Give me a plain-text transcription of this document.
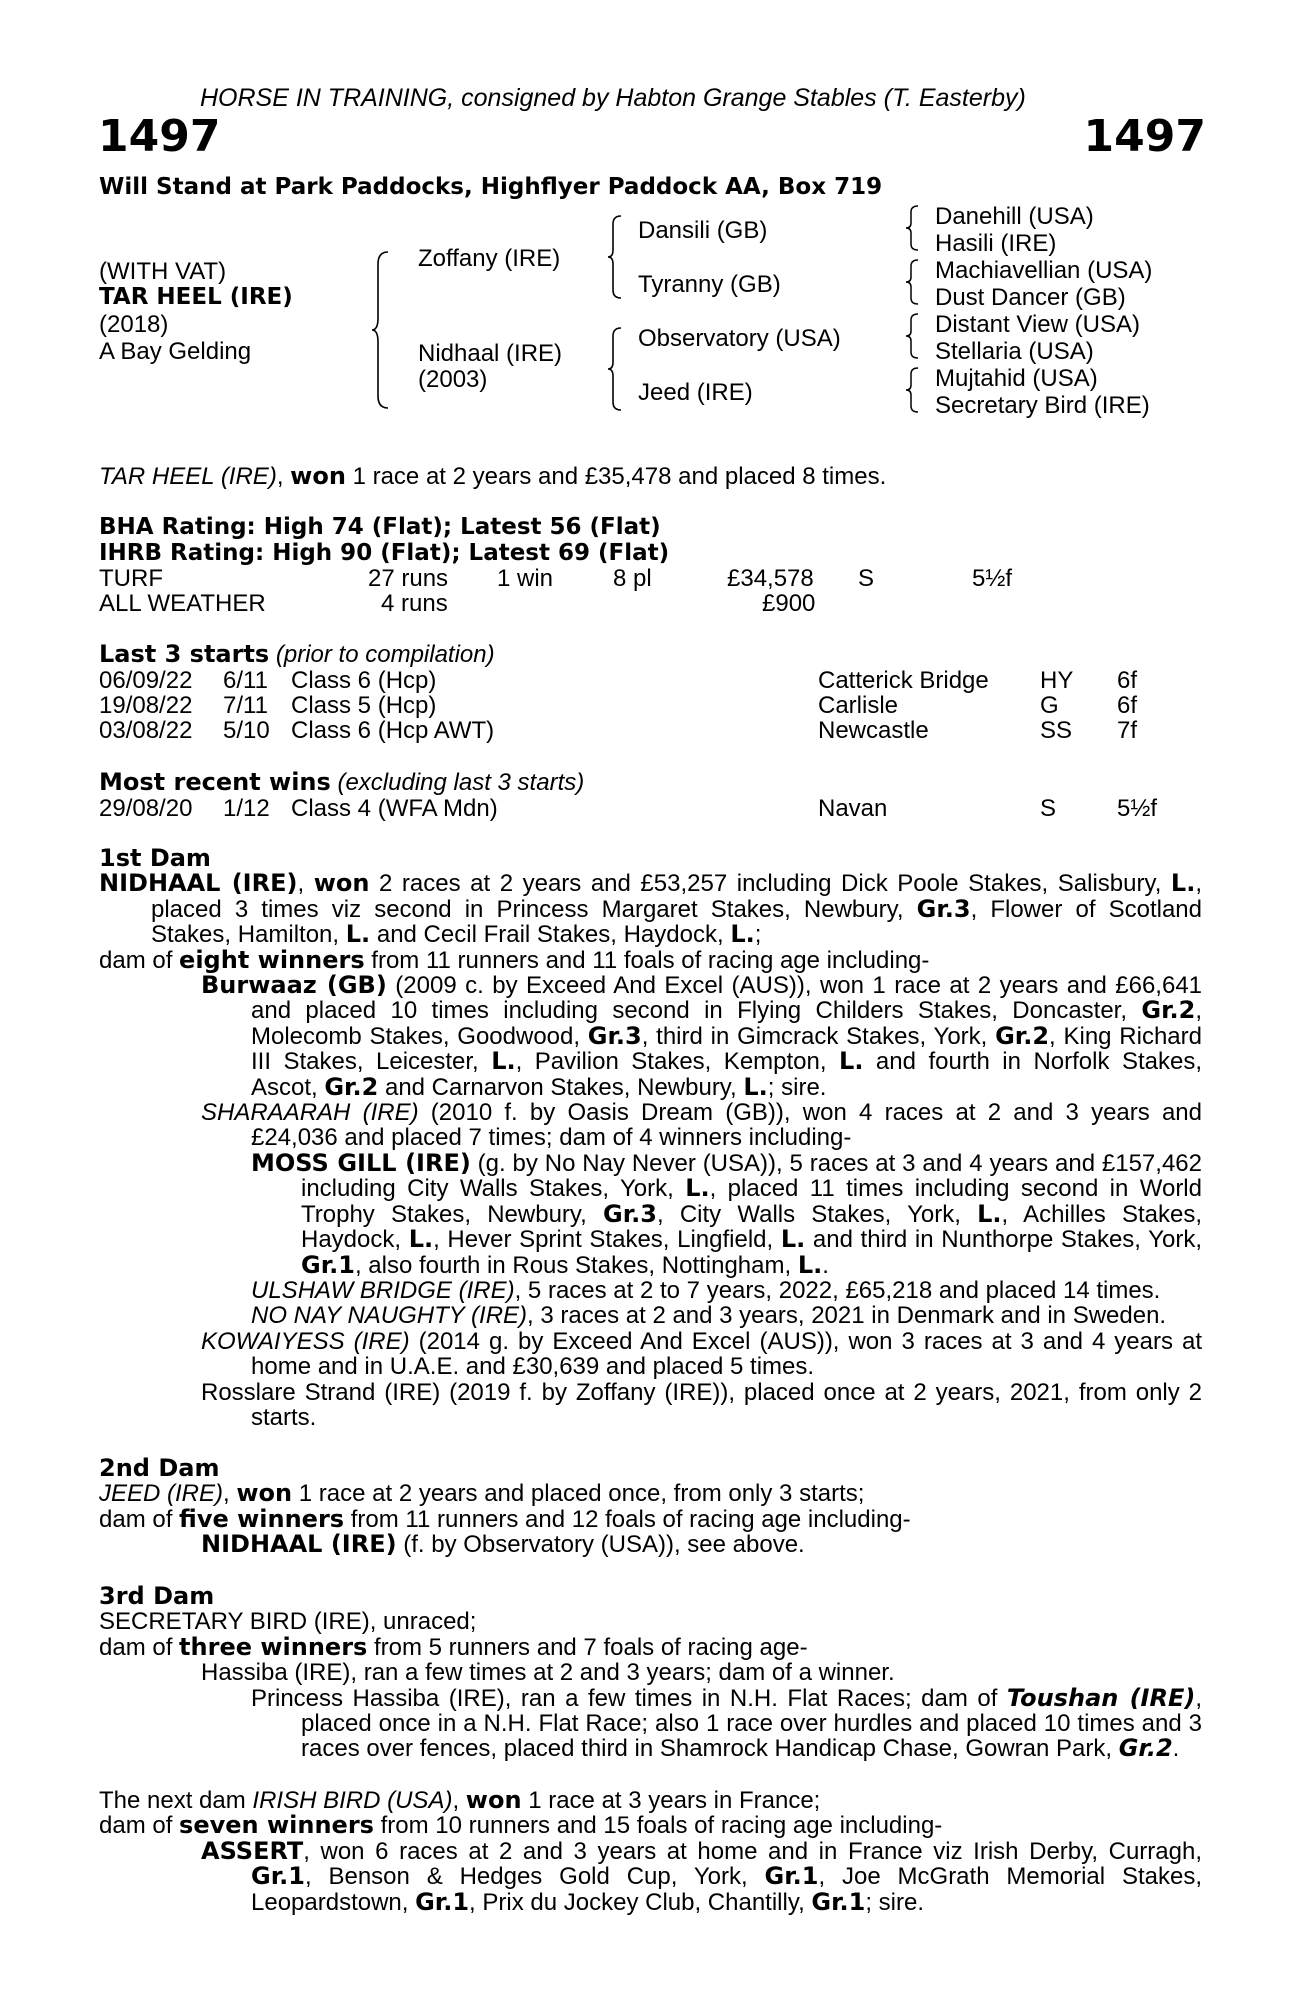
HORSE IN TRAINING, consigned by Habton Grange Stables (T. Easterby)
1497	1497
Will Stand at Park Paddocks, Highflyer Paddock AA, Box 719
(WITH VAT)
TAR HEEL (IRE)
(2018)
A Bay Gelding
Zoffany (IRE)
Nidhaal (IRE)
(2003)
Dansili (GB)
Tyranny (GB)
Observatory (USA)
Jeed (IRE)
Danehill (USA)
Hasili (IRE)
Machiavellian (USA)
Dust Dancer (GB)
Distant View (USA)
Stellaria (USA)
Mujtahid (USA)
Secretary Bird (IRE)
TAR HEEL (IRE), won 1 race at 2 years and £35,478 and placed 8 times.
BHA Rating: High 74 (Flat); Latest 56 (Flat)
IHRB Rating: High 90 (Flat); Latest 69 (Flat)
TURF	27 runs 1 win 8 pl	£34,578 S	5½f
ALL WEATHER	4 runs	£900
Last 3 starts (prior to compilation)
06/09/22 6/11 Class 6 (Hcp)	Catterick Bridge HY 6f
19/08/22 7/11 Class 5 (Hcp)	Carlisle	G 6f
03/08/22 5/10 Class 6 (Hcp AWT)	Newcastle	SS 7f
Most recent wins (excluding last 3 starts)
29/08/20 1/12 Class 4 (WFA Mdn)	Navan	S	5½f

1st Dam

NIDHAAL (IRE), won 2 races at 2 years and £53,257 including Dick Poole Stakes, Salisbury, L., placed 3 times viz second in Princess Margaret Stakes, Newbury, Gr.3, Flower of Scotland Stakes, Hamilton, L. and Cecil Frail Stakes, Haydock, L.;

dam of eight winners from 11 runners and 11 foals of racing age including-

Burwaaz (GB) (2009 c. by Exceed And Excel (AUS)), won 1 race at 2 years and £66,641 and placed 10 times including second in Flying Childers Stakes, Doncaster, Gr.2, Molecomb Stakes, Goodwood, Gr.3, third in Gimcrack Stakes, York, Gr.2, King Richard III Stakes, Leicester, L., Pavilion Stakes, Kempton, L. and fourth in Norfolk Stakes, Ascot, Gr.2 and Carnarvon Stakes, Newbury, L.; sire.

SHARAARAH (IRE) (2010 f. by Oasis Dream (GB)), won 4 races at 2 and 3 years and £24,036 and placed 7 times; dam of 4 winners including-

MOSS GILL (IRE) (g. by No Nay Never (USA)), 5 races at 3 and 4 years and £157,462 including City Walls Stakes, York, L., placed 11 times including second in World Trophy Stakes, Newbury, Gr.3, City Walls Stakes, York, L., Achilles Stakes, Haydock, L., Hever Sprint Stakes, Lingfield, L. and third in Nunthorpe Stakes, York, Gr.1, also fourth in Rous Stakes, Nottingham, L..

ULSHAW BRIDGE (IRE), 5 races at 2 to 7 years, 2022, £65,218 and placed 14 times.

NO NAY NAUGHTY (IRE), 3 races at 2 and 3 years, 2021 in Denmark and in Sweden.

KOWAIYESS (IRE) (2014 g. by Exceed And Excel (AUS)), won 3 races at 3 and 4 years at home and in U.A.E. and £30,639 and placed 5 times.

Rosslare Strand (IRE) (2019 f. by Zoffany (IRE)), placed once at 2 years, 2021, from only 2 starts.

2nd Dam

JEED (IRE), won 1 race at 2 years and placed once, from only 3 starts;

dam of five winners from 11 runners and 12 foals of racing age including-

NIDHAAL (IRE) (f. by Observatory (USA)), see above.

3rd Dam

SECRETARY BIRD (IRE), unraced;

dam of three winners from 5 runners and 7 foals of racing age-

Hassiba (IRE), ran a few times at 2 and 3 years; dam of a winner.

Princess Hassiba (IRE), ran a few times in N.H. Flat Races; dam of Toushan (IRE), placed once in a N.H. Flat Race; also 1 race over hurdles and placed 10 times and 3 races over fences, placed third in Shamrock Handicap Chase, Gowran Park, Gr.2.

The next dam IRISH BIRD (USA), won 1 race at 3 years in France;

dam of seven winners from 10 runners and 15 foals of racing age including-

ASSERT, won 6 races at 2 and 3 years at home and in France viz Irish Derby, Curragh, Gr.1, Benson & Hedges Gold Cup, York, Gr.1, Joe McGrath Memorial Stakes, Leopardstown, Gr.1, Prix du Jockey Club, Chantilly, Gr.1; sire.
